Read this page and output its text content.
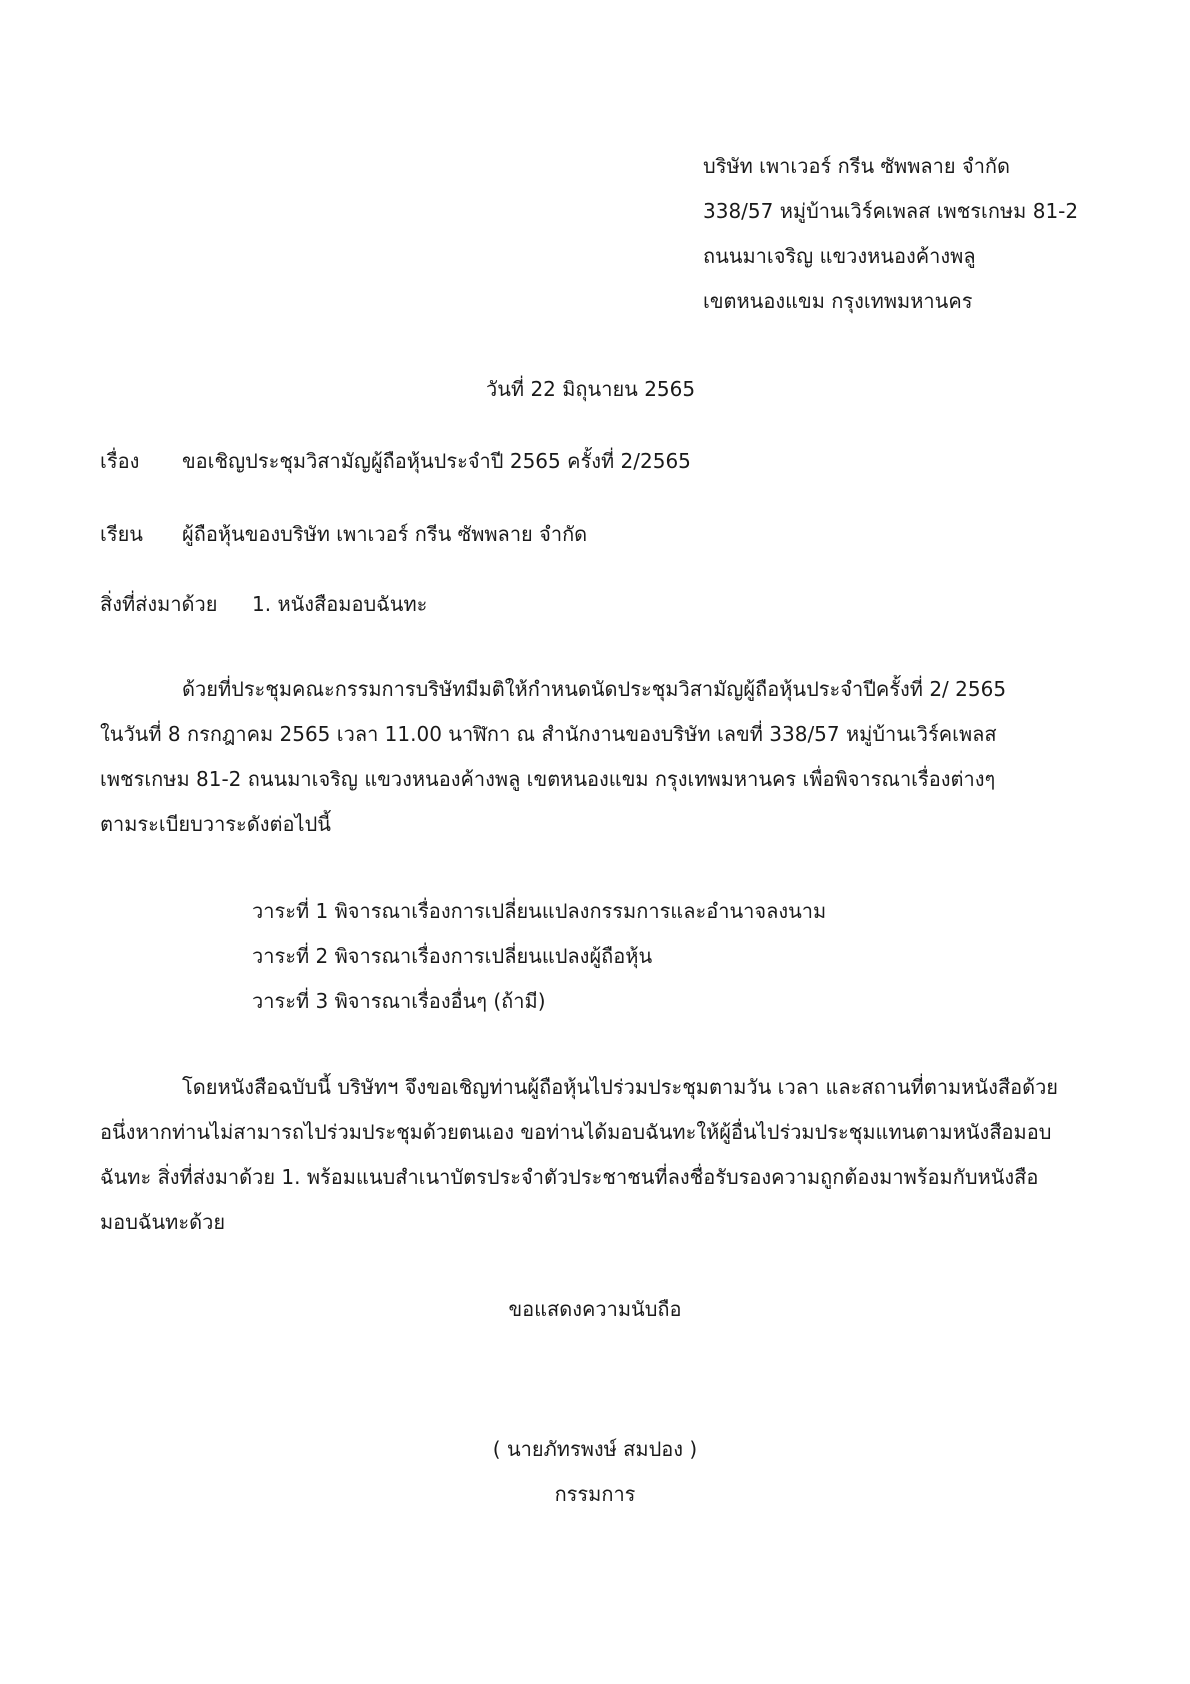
บริษัท เพาเวอร์ กรีน ซัพพลาย จำกัด
338/57 หมู่บ้านเวิร์คเพลส เพชรเกษม 81-2
ถนนมาเจริญ แขวงหนองค้างพลู
เขตหนองแขม กรุงเทพมหานคร
วันที่ 22 มิถุนายน 2565
เรื่อง ขอเชิญประชุมวิสามัญผู้ถือหุ้นประจำปี 2565 ครั้งที่ 2/2565
เรียน ผู้ถือหุ้นของบริษัท เพาเวอร์ กรีน ซัพพลาย จำกัด
สิ่งที่ส่งมาด้วย 1. หนังสือมอบฉันทะ
ด้วยที่ประชุมคณะกรรมการบริษัทมีมติให้กำหนดนัดประชุมวิสามัญผู้ถือหุ้นประจำปีครั้งที่ 2/ 2565
ในวันที่ 8 กรกฎาคม 2565 เวลา 11.00 นาฬิกา ณ สำนักงานของบริษัท เลขที่ 338/57 หมู่บ้านเวิร์คเพลส
เพชรเกษม 81-2 ถนนมาเจริญ แขวงหนองค้างพลู เขตหนองแขม กรุงเทพมหานคร เพื่อพิจารณาเรื่องต่างๆ
ตามระเบียบวาระดังต่อไปนี้
วาระที่ 1 พิจารณาเรื่องการเปลี่ยนแปลงกรรมการและอำนาจลงนาม
วาระที่ 2 พิจารณาเรื่องการเปลี่ยนแปลงผู้ถือหุ้น
วาระที่ 3 พิจารณาเรื่องอื่นๆ (ถ้ามี)
โดยหนังสือฉบับนี้ บริษัทฯ จึงขอเชิญท่านผู้ถือหุ้นไปร่วมประชุมตามวัน เวลา และสถานที่ตามหนังสือด้วย
อนึ่งหากท่านไม่สามารถไปร่วมประชุมด้วยตนเอง ขอท่านได้มอบฉันทะให้ผู้อื่นไปร่วมประชุมแทนตามหนังสือมอบ
ฉันทะ สิ่งที่ส่งมาด้วย 1. พร้อมแนบสำเนาบัตรประจำตัวประชาชนที่ลงชื่อรับรองความถูกต้องมาพร้อมกับหนังสือ
มอบฉันทะด้วย
ขอแสดงความนับถือ
( นายภัทรพงษ์ สมปอง )
กรรมการ
